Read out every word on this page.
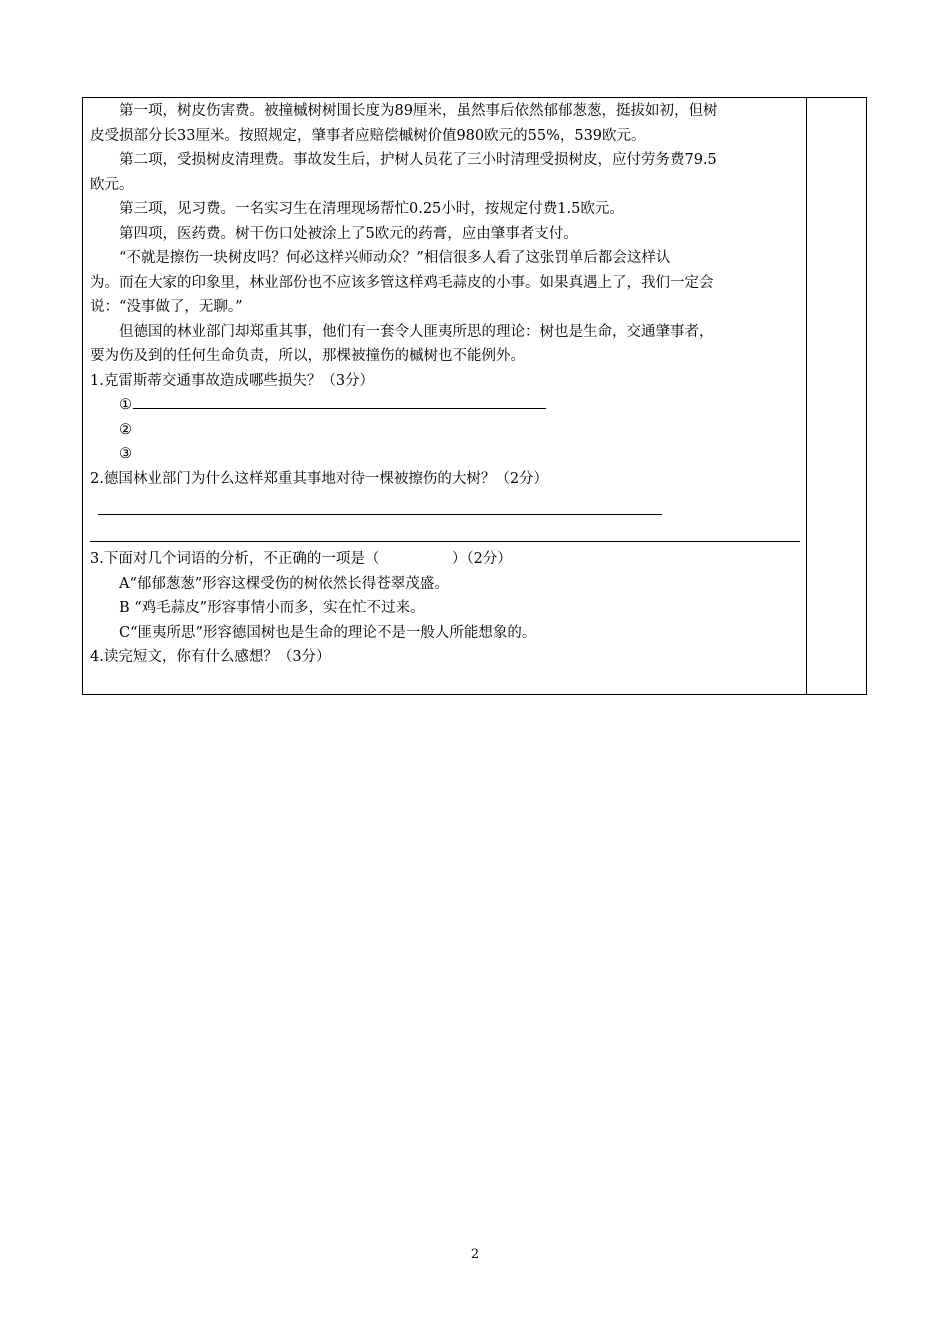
第一项，树皮伤害费。被撞槭树树围长度为89厘米，虽然事后依然郁郁葱葱，挺拔如初，但树
皮受损部分长33厘米。按照规定，肇事者应赔偿槭树价值980欧元的55%，539欧元。
第二项，受损树皮清理费。事故发生后，护树人员花了三小时清理受损树皮，应付劳务费79.5
欧元。
第三项，见习费。一名实习生在清理现场帮忙0.25小时，按规定付费1.5欧元。
第四项，医药费。树干伤口处被涂上了5欧元的药膏，应由肇事者支付。
“不就是擦伤一块树皮吗？何必这样兴师动众？”相信很多人看了这张罚单后都会这样认
为。而在大家的印象里，林业部份也不应该多管这样鸡毛蒜皮的小事。如果真遇上了，我们一定会
说：“没事做了，无聊。”
但德国的林业部门却郑重其事，他们有一套令人匪夷所思的理论：树也是生命，交通肇事者，
要为伤及到的任何生命负责，所以，那棵被撞伤的槭树也不能例外。
1.克雷斯蒂交通事故造成哪些损失？（3分）
①
②
③
2.德国林业部门为什么这样郑重其事地对待一棵被擦伤的大树？（2分）
3.下面对几个词语的分析，不正确的一项是（　　　　　）（2分）
A“郁郁葱葱”形容这棵受伤的树依然长得苍翠茂盛。
B “鸡毛蒜皮”形容事情小而多，实在忙不过来。
C“匪夷所思”形容德国树也是生命的理论不是一般人所能想象的。
4.读完短文，你有什么感想？（3分）
2
